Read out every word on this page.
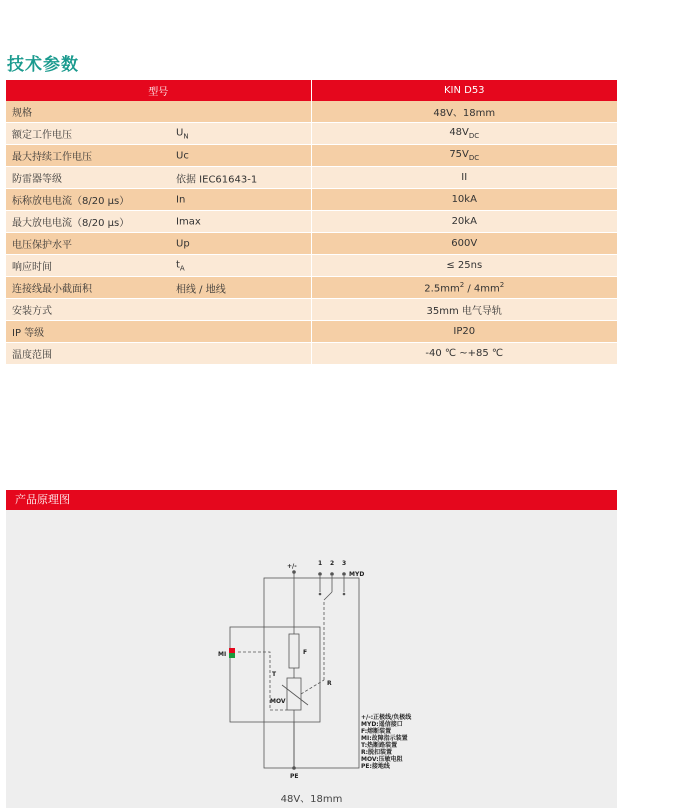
技术参数
型号	KIN D53
规格	48V、18mm
额定工作电压 $U_N$	$48V_{DC}$
最大持续工作电压 Uc	$75V_{DC}$
防雷器等级 依据 IEC61643-1	II
标称放电电流（8/20 μs） In	10kA
最大放电电流（8/20 μs） Imax	20kA
电压保护水平 Up	600V
响应时间 $t_A$	≤ 25ns
连接线最小截面积 相线 / 地线	$2.5mm^2 / 4mm^2$
安装方式	35mm 电气导轨
IP 等级	IP20
温度范围	-40 ℃ ~+85 ℃
产品原理图
+/-	1 2 3
MYD
MI	F
T
R
MOV
PE
+/-:正极线/负极线
MYD:遥信接口
F:熔断装置
MI:故障指示装置
T:热断路装置
R:脱扣装置
MOV:压敏电阻
PE:接地线
48V、18mm
